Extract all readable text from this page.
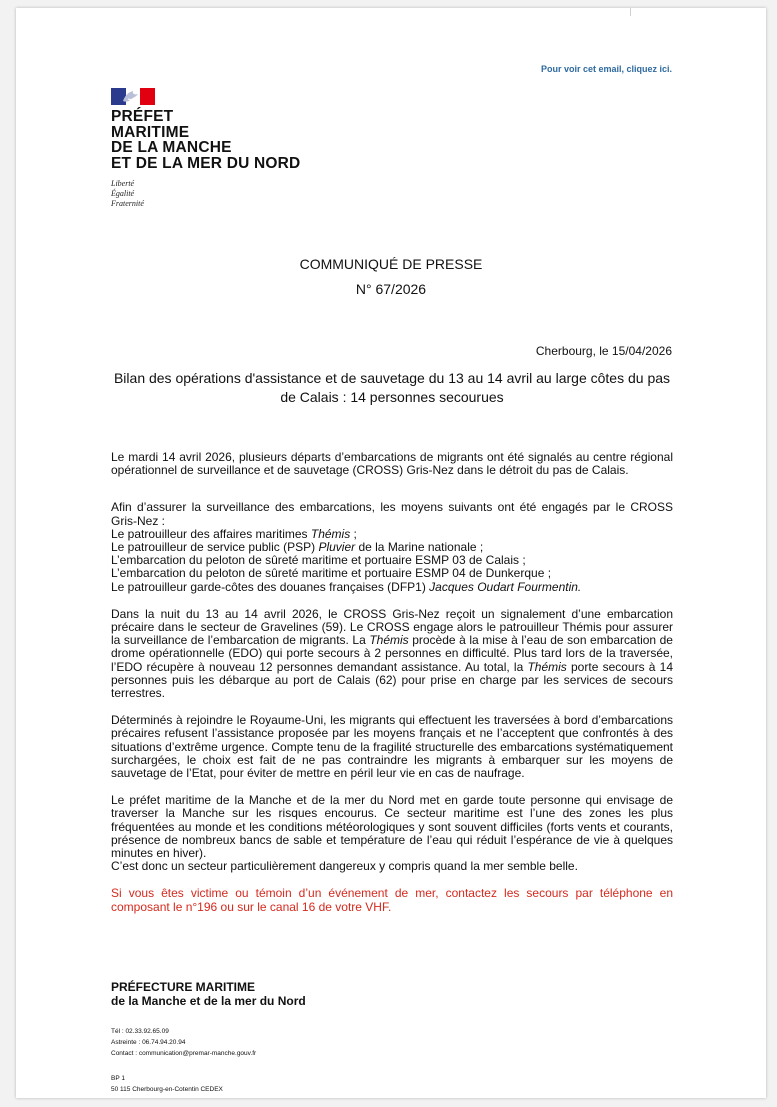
Pour voir cet email, cliquez ici.
PRÉFET
MARITIME
DE LA MANCHE
ET DE LA MER DU NORD
Liberté
Égalité
Fraternité
COMMUNIQUÉ DE PRESSE
N° 67/2026
Cherbourg, le 15/04/2026
Bilan des opérations d'assistance et de sauvetage du 13 au 14 avril au large côtes du pas de Calais : 14 personnes secourues

Le mardi 14 avril 2026, plusieurs départs d’embarcations de migrants ont été signalés au centre régional opérationnel de surveillance et de sauvetage (CROSS) Gris-Nez dans le détroit du pas de Calais.

Afin d’assurer la surveillance des embarcations, les moyens suivants ont été engagés par le CROSS Gris-Nez :
Le patrouilleur des affaires maritimes Thémis ;
Le patrouilleur de service public (PSP) Pluvier de la Marine nationale ;
L’embarcation du peloton de sûreté maritime et portuaire ESMP 03 de Calais ;
L’embarcation du peloton de sûreté maritime et portuaire ESMP 04 de Dunkerque ;
Le patrouilleur garde-côtes des douanes françaises (DFP1) Jacques Oudart Fourmentin.

Dans la nuit du 13 au 14 avril 2026, le CROSS Gris-Nez reçoit un signalement d’une embarcation précaire dans le secteur de Gravelines (59). Le CROSS engage alors le patrouilleur Thémis pour assurer la surveillance de l’embarcation de migrants. La Thémis procède à la mise à l’eau de son embarcation de drome opérationnelle (EDO) qui porte secours à 2 personnes en difficulté. Plus tard lors de la traversée, l’EDO récupère à nouveau 12 personnes demandant assistance. Au total, la Thémis porte secours à 14 personnes puis les débarque au port de Calais (62) pour prise en charge par les services de secours terrestres.

Déterminés à rejoindre le Royaume-Uni, les migrants qui effectuent les traversées à bord d’embarcations précaires refusent l’assistance proposée par les moyens français et ne l’acceptent que confrontés à des situations d’extrême urgence. Compte tenu de la fragilité structurelle des embarcations systématiquement surchargées, le choix est fait de ne pas contraindre les migrants à embarquer sur les moyens de sauvetage de l’Etat, pour éviter de mettre en péril leur vie en cas de naufrage.

Le préfet maritime de la Manche et de la mer du Nord met en garde toute personne qui envisage de traverser la Manche sur les risques encourus. Ce secteur maritime est l’une des zones les plus fréquentées au monde et les conditions météorologiques y sont souvent difficiles (forts vents et courants, présence de nombreux bancs de sable et température de l’eau qui réduit l’espérance de vie à quelques minutes en hiver).
C’est donc un secteur particulièrement dangereux y compris quand la mer semble belle.

Si vous êtes victime ou témoin d’un événement de mer, contactez les secours par téléphone en composant le n°196 ou sur le canal 16 de votre VHF.

PRÉFECTURE MARITIME
de la Manche et de la mer du Nord
Tél : 02.33.92.65.09
Astreinte : 06.74.94.20.94
Contact : communication@premar-manche.gouv.fr
BP 1
50 115 Cherbourg-en-Cotentin CEDEX
